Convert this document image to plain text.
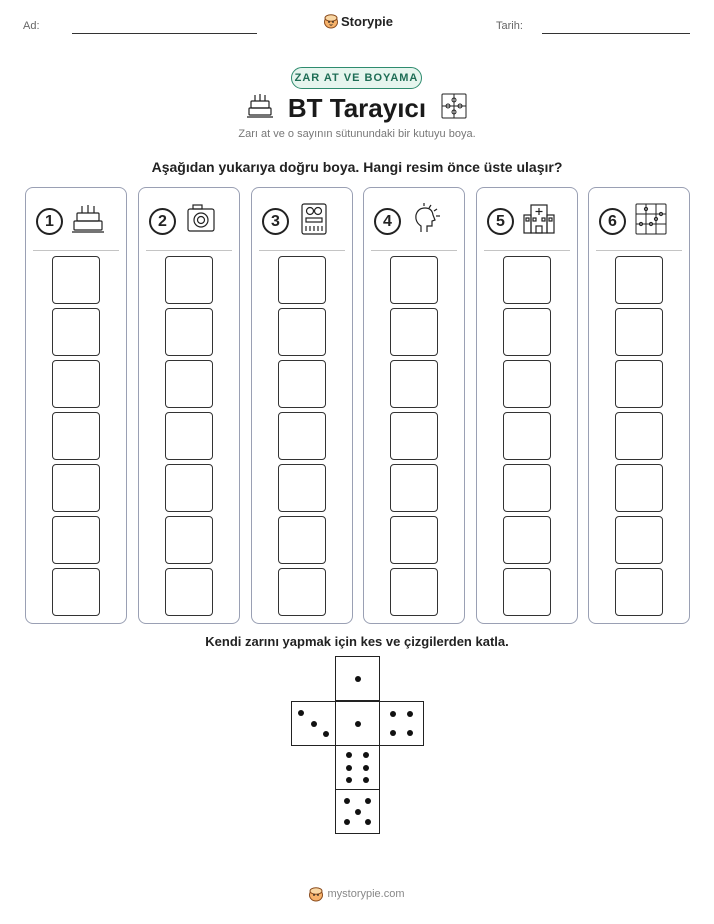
Ad:	Storypie	Tarih:
ZAR AT VE BOYAMA
BT Tarayıcı
Zarı at ve o sayının sütunundaki bir kutuyu boya.
Aşağıdan yukarıya doğru boya. Hangi resim önce üste ulaşır?
1	2	3	4	5	6
Kendi zarını yapmak için kes ve çizgilerden katla.
mystorypie.com
